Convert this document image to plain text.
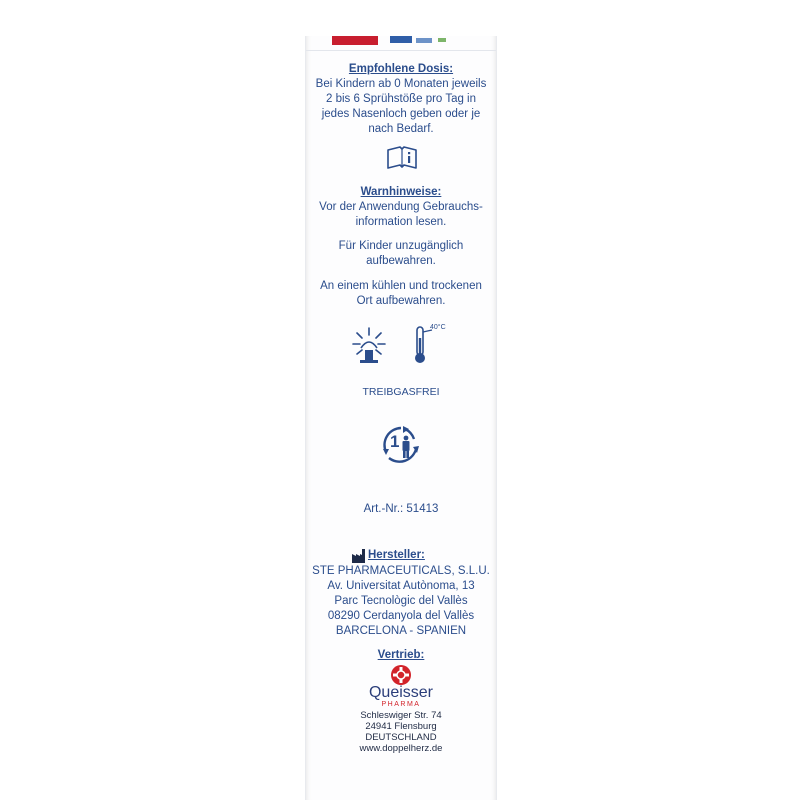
Empfohlene Dosis:
Bei Kindern ab 0 Monaten jeweils
2 bis 6 Sprühstöße pro Tag in
jedes Nasenloch geben oder je
nach Bedarf.
Warnhinweise:
Vor der Anwendung Gebrauchs-
information lesen.
Für Kinder unzugänglich
aufbewahren.
An einem kühlen und trockenen
Ort aufbewahren.
40°C
TREIBGASFREI
1
Art.-Nr.: 51413
Hersteller:
STE PHARMACEUTICALS, S.L.U.
Av. Universitat Autònoma, 13
Parc Tecnològic del Vallès
08290 Cerdanyola del Vallès
BARCELONA - SPANIEN
Vertrieb:
Queisser
PHARMA
Schleswiger Str. 74
24941 Flensburg
DEUTSCHLAND
www.doppelherz.de
